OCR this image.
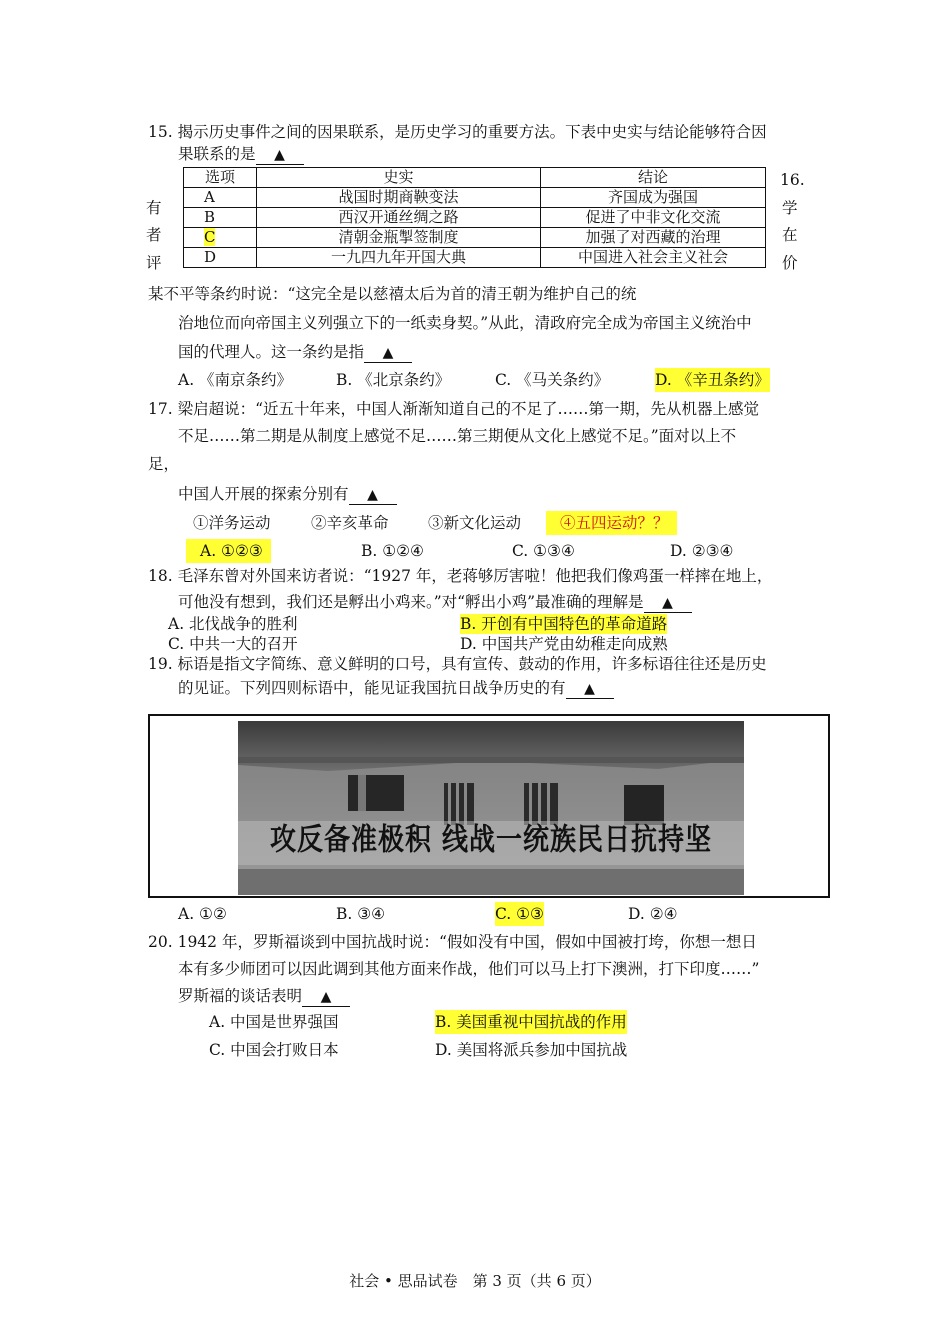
15. 揭示历史事件之间的因果联系，是历史学习的重要方法。下表中史实与结论能够符合因
果联系的是 ▲
选项	史实	结论
A	战国时期商鞅变法	齐国成为强国
B	西汉开通丝绸之路	促进了中非文化交流
C	清朝金瓶掣签制度	加强了对西藏的治理
D	一九四九年开国大典	中国进入社会主义社会
有
者
评
16.
学
在
价
某不平等条约时说：“这完全是以慈禧太后为首的清王朝为维护自己的统
治地位而向帝国主义列强立下的一纸卖身契。”从此，清政府完全成为帝国主义统治中
国的代理人。这一条约是指 ▲
A. 《南京条约》	B. 《北京条约》	C. 《马关条约》	D. 《辛丑条约》
17. 梁启超说：“近五十年来，中国人渐渐知道自己的不足了……第一期，先从机器上感觉
不足……第二期是从制度上感觉不足……第三期便从文化上感觉不足。”面对以上不
足，
中国人开展的探索分别有 ▲
①洋务运动	②辛亥革命	③新文化运动	④五四运动？？
A. ①②③	B. ①②④	C. ①③④	D. ②③④
18. 毛泽东曾对外国来访者说：“1927 年，老蒋够厉害啦！他把我们像鸡蛋一样摔在地上，
可他没有想到，我们还是孵出小鸡来。”对“孵出小鸡”最准确的理解是 ▲
A. 北伐战争的胜利	B. 开创有中国特色的革命道路
C. 中共一大的召开	D. 中国共产党由幼稚走向成熟
19. 标语是指文字简练、意义鲜明的口号，具有宣传、鼓动的作用，许多标语往往还是历史
的见证。下列四则标语中，能见证我国抗日战争历史的有 ▲
坚持抗日民族统一战线 积极准备反攻
A. ①②	B. ③④	C. ①③	D. ②④
20. 1942 年，罗斯福谈到中国抗战时说：“假如没有中国，假如中国被打垮，你想一想日
本有多少师团可以因此调到其他方面来作战，他们可以马上打下澳洲，打下印度……”
罗斯福的谈话表明 ▲
A. 中国是世界强国	B. 美国重视中国抗战的作用
C. 中国会打败日本	D. 美国将派兵参加中国抗战
社会 • 思品试卷　第 3 页（共 6 页）
